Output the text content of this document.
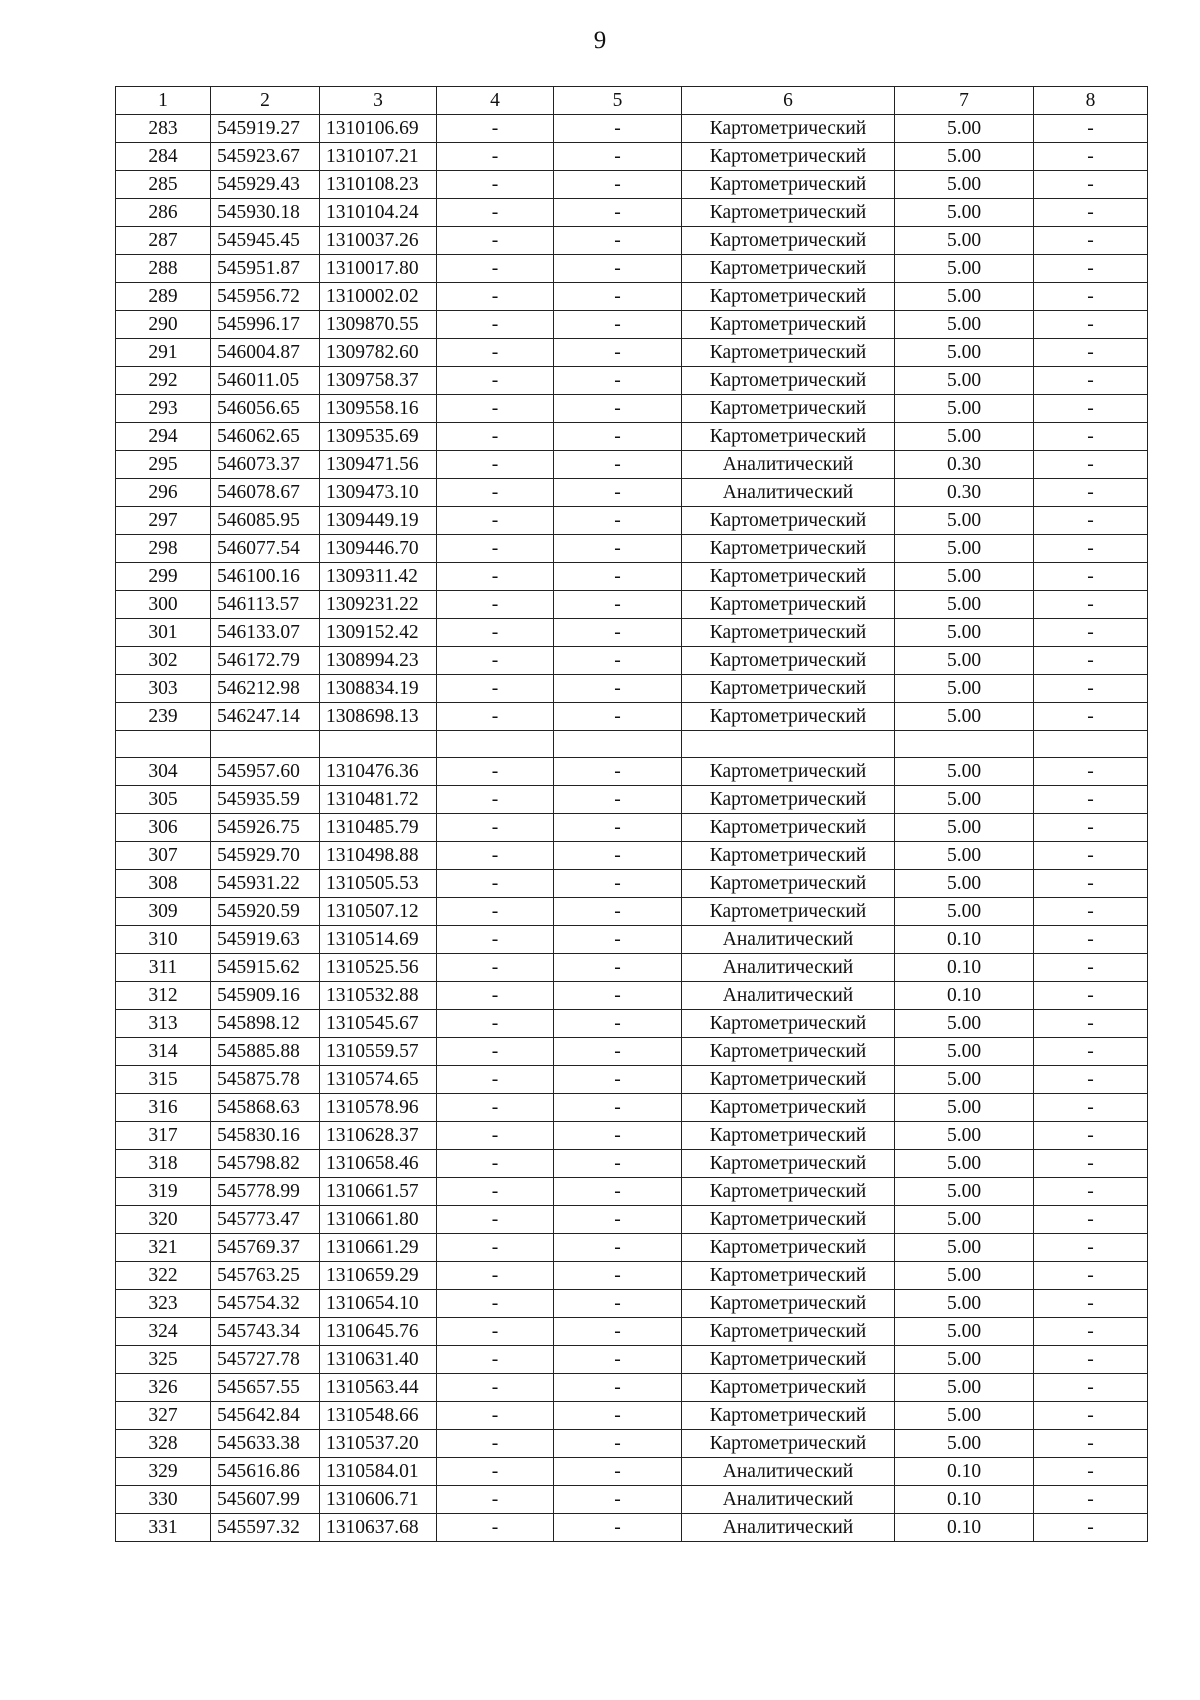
9
1	2	3	4	5	6	7	8
283	545919.27	1310106.69	-	-	Картометрический	5.00	-
284	545923.67	1310107.21	-	-	Картометрический	5.00	-
285	545929.43	1310108.23	-	-	Картометрический	5.00	-
286	545930.18	1310104.24	-	-	Картометрический	5.00	-
287	545945.45	1310037.26	-	-	Картометрический	5.00	-
288	545951.87	1310017.80	-	-	Картометрический	5.00	-
289	545956.72	1310002.02	-	-	Картометрический	5.00	-
290	545996.17	1309870.55	-	-	Картометрический	5.00	-
291	546004.87	1309782.60	-	-	Картометрический	5.00	-
292	546011.05	1309758.37	-	-	Картометрический	5.00	-
293	546056.65	1309558.16	-	-	Картометрический	5.00	-
294	546062.65	1309535.69	-	-	Картометрический	5.00	-
295	546073.37	1309471.56	-	-	Аналитический	0.30	-
296	546078.67	1309473.10	-	-	Аналитический	0.30	-
297	546085.95	1309449.19	-	-	Картометрический	5.00	-
298	546077.54	1309446.70	-	-	Картометрический	5.00	-
299	546100.16	1309311.42	-	-	Картометрический	5.00	-
300	546113.57	1309231.22	-	-	Картометрический	5.00	-
301	546133.07	1309152.42	-	-	Картометрический	5.00	-
302	546172.79	1308994.23	-	-	Картометрический	5.00	-
303	546212.98	1308834.19	-	-	Картометрический	5.00	-
239	546247.14	1308698.13	-	-	Картометрический	5.00	-

304	545957.60	1310476.36	-	-	Картометрический	5.00	-
305	545935.59	1310481.72	-	-	Картометрический	5.00	-
306	545926.75	1310485.79	-	-	Картометрический	5.00	-
307	545929.70	1310498.88	-	-	Картометрический	5.00	-
308	545931.22	1310505.53	-	-	Картометрический	5.00	-
309	545920.59	1310507.12	-	-	Картометрический	5.00	-
310	545919.63	1310514.69	-	-	Аналитический	0.10	-
311	545915.62	1310525.56	-	-	Аналитический	0.10	-
312	545909.16	1310532.88	-	-	Аналитический	0.10	-
313	545898.12	1310545.67	-	-	Картометрический	5.00	-
314	545885.88	1310559.57	-	-	Картометрический	5.00	-
315	545875.78	1310574.65	-	-	Картометрический	5.00	-
316	545868.63	1310578.96	-	-	Картометрический	5.00	-
317	545830.16	1310628.37	-	-	Картометрический	5.00	-
318	545798.82	1310658.46	-	-	Картометрический	5.00	-
319	545778.99	1310661.57	-	-	Картометрический	5.00	-
320	545773.47	1310661.80	-	-	Картометрический	5.00	-
321	545769.37	1310661.29	-	-	Картометрический	5.00	-
322	545763.25	1310659.29	-	-	Картометрический	5.00	-
323	545754.32	1310654.10	-	-	Картометрический	5.00	-
324	545743.34	1310645.76	-	-	Картометрический	5.00	-
325	545727.78	1310631.40	-	-	Картометрический	5.00	-
326	545657.55	1310563.44	-	-	Картометрический	5.00	-
327	545642.84	1310548.66	-	-	Картометрический	5.00	-
328	545633.38	1310537.20	-	-	Картометрический	5.00	-
329	545616.86	1310584.01	-	-	Аналитический	0.10	-
330	545607.99	1310606.71	-	-	Аналитический	0.10	-
331	545597.32	1310637.68	-	-	Аналитический	0.10	-
